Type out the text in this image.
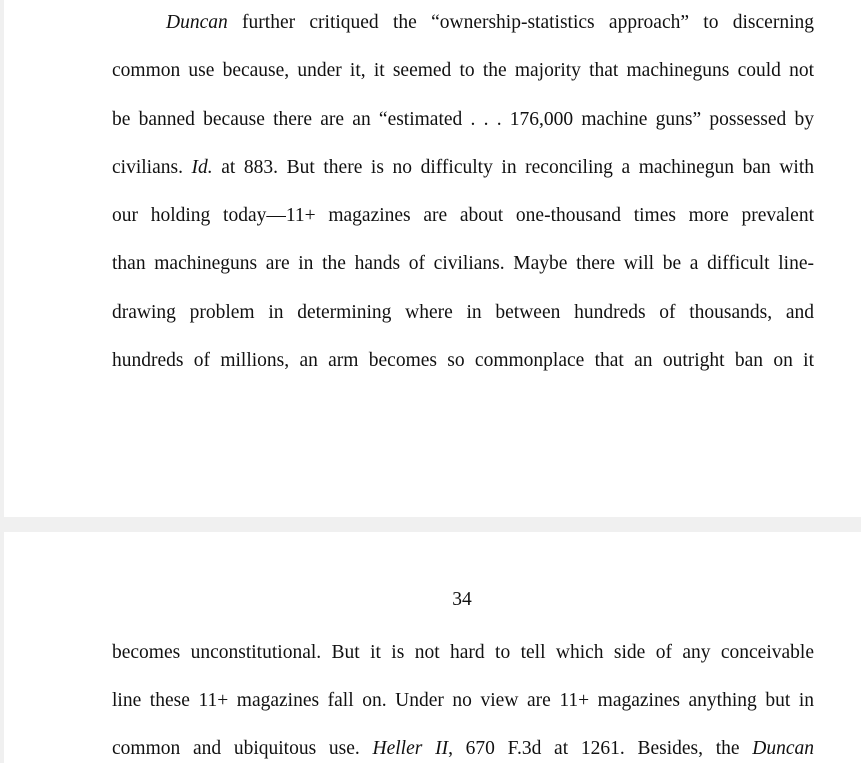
Duncan further critiqued the “ownership-statistics approach” to discerning
common use because, under it, it seemed to the majority that machineguns could not
be banned because there are an “estimated . . . 176,000 machine guns” possessed by
civilians. Id. at 883. But there is no difficulty in reconciling a machinegun ban with
our holding today—11+ magazines are about one-thousand times more prevalent
than machineguns are in the hands of civilians. Maybe there will be a difficult line-
drawing problem in determining where in between hundreds of thousands, and
hundreds of millions, an arm becomes so commonplace that an outright ban on it
34
becomes unconstitutional. But it is not hard to tell which side of any conceivable
line these 11+ magazines fall on. Under no view are 11+ magazines anything but in
common and ubiquitous use. Heller II, 670 F.3d at 1261. Besides, the Duncan
